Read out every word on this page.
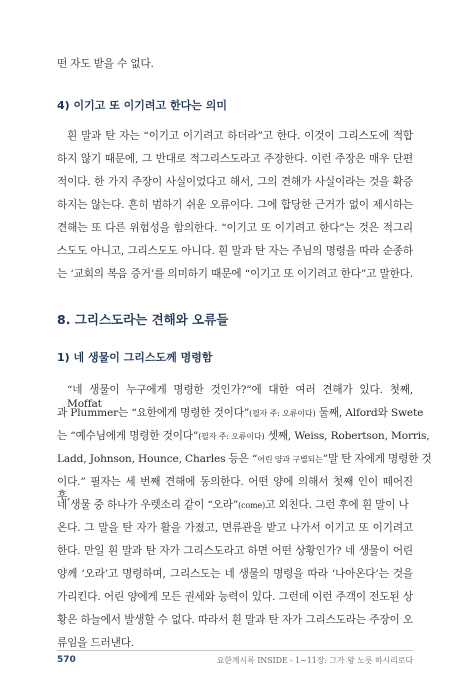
떤 자도 받을 수 없다.
4) 이기고 또 이기려고 한다는 의미
흰 말과 탄 자는 “이기고 이기려고 하더라”고 한다. 이것이 그리스도에 적합
하지 않기 때문에, 그 반대로 적그리스도라고 주장한다. 이런 주장은 매우 단편
적이다. 한 가지 주장이 사실이었다고 해서, 그의 견해가 사실이라는 것을 확증
하지는 않는다. 흔히 범하기 쉬운 오류이다. 그에 합당한 근거가 없이 제시하는
견해는 또 다른 위험성을 함의한다. “이기고 또 이기려고 한다”는 것은 적그리
스도도 아니고, 그리스도도 아니다. 흰 말과 탄 자는 주님의 명령을 따라 순종하
는 ‘교회의 복음 증거’를 의미하기 때문에 “이기고 또 이기려고 한다”고 말한다.
8. 그리스도라는 견해와 오류들
1) 네 생물이 그리스도께 명령함
“네 생물이 누구에게 명령한 것인가?”에 대한 여러 견해가 있다. 첫째, Moffat
과 Plummer는 “요한에게 명령한 것이다”(필자 주: 오류이다) 둘째, Alford와 Swete
는 “예수님에게 명령한 것이다”(필자 주: 오류이다) 셋째, Weiss, Robertson, Morris,
Ladd, Johnson, Hounce, Charles 등은 “어린 양과 구별되는”말 탄 자에게 명령한 것
이다.” 필자는 세 번째 견해에 동의한다. 어떤 양에 의해서 첫째 인이 떼어진 후,
네 생물 중 하나가 우렛소리 같이 “오라”(come)고 외친다. 그런 후에 흰 말이 나
온다. 그 말을 탄 자가 활을 가졌고, 면류관을 받고 나가서 이기고 또 이기려고
한다. 만일 흰 말과 탄 자가 그리스도라고 하면 어떤 상황인가? 네 생물이 어린
양께 ‘오라’고 명령하며, 그리스도는 네 생물의 명령을 따라 ‘나아온다’는 것을
가리킨다. 어린 양에게 모든 권세와 능력이 있다. 그런데 이런 주객이 전도된 상
황은 하늘에서 발생할 수 없다. 따라서 흰 말과 탄 자가 그리스도라는 주장이 오
류임을 드러낸다.
570	요한계시록 INSIDE - 1~11장: 그가 왕 노릇 하시리로다
